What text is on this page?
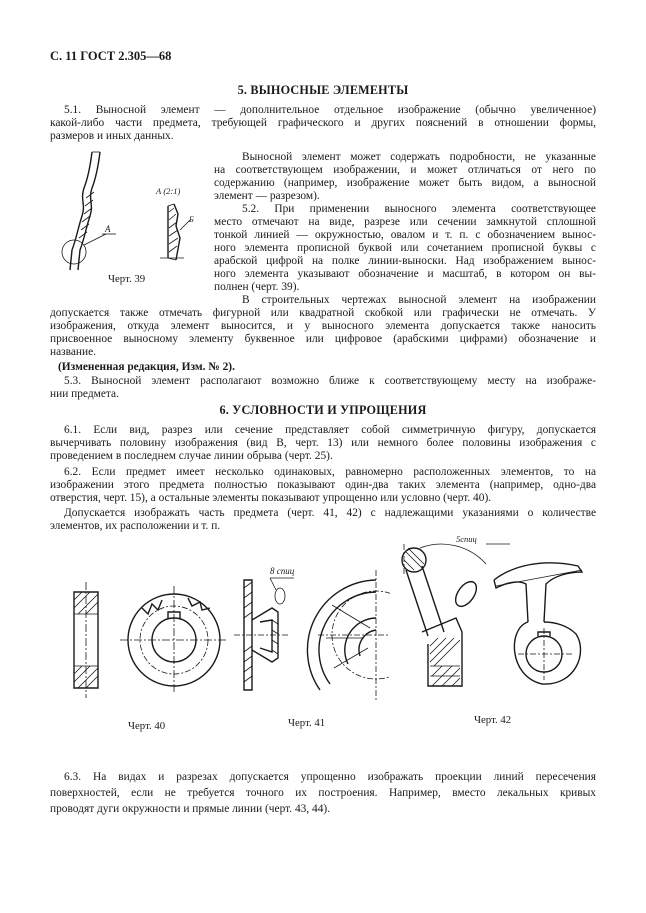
С. 11 ГОСТ 2.305—68

5. ВЫНОСНЫЕ ЭЛЕМЕНТЫ

5.1. Выносной элемент — дополнительное отдельное изображение (обычно увеличенное)

какой-либо части предмета, требующей графического и других пояснений в отношении формы,

размеров и иных данных.

Выносной элемент может содержать подробности, не указанные

на соответствующем изображении, и может отличаться от него по

содержанию (например, изображение может быть видом, а выносной

элемент — разрезом).

5.2. При применении выносного элемента соответствующее

место отмечают на виде, разрезе или сечении замкнутой сплошной

тонкой линией — окружностью, овалом и т. п. с обозначением вынос-

ного элемента прописной буквой или сочетанием прописной буквы с

арабской цифрой на полке линии-выноски. Над изображением вынос-

ного элемента указывают обозначение и масштаб, в котором он вы-

полнен (черт. 39).

В строительных чертежах выносной элемент на изображении

допускается также отмечать фигурной или квадратной скобкой или графически не отмечать. У

изображения, откуда элемент выносится, и у выносного элемента допускается также наносить

присвоенное выносному элементу буквенное или цифровое (арабскими цифрами) обозначение и

название.

(Измененная редакция, Изм. № 2).

5.3. Выносной элемент располагают возможно ближе к соответствующему месту на изображе-

нии предмета.

А
А (2:1)
Б

Черт. 39

6. УСЛОВНОСТИ И УПРОЩЕНИЯ

6.1. Если вид, разрез или сечение представляет собой симметричную фигуру, допускается

вычерчивать половину изображения (вид В, черт. 13) или немного более половины изображения с

проведением в последнем случае линии обрыва (черт. 25).

6.2. Если предмет имеет несколько одинаковых, равномерно расположенных элементов, то на

изображении этого предмета полностью показывают один-два таких элемента (например, одно-два

отверстия, черт. 15), а остальные элементы показывают упрощенно или условно (черт. 40).

Допускается изображать часть предмета (черт. 41, 42) с надлежащими указаниями о количестве

элементов, их расположении и т. п.

Черт. 40

8 спиц

Черт. 41

5спиц

Черт. 42

6.3. На видах и разрезах допускается упрощенно изображать проекции линий пересечения

поверхностей, если не требуется точного их построения. Например, вместо лекальных кривых

проводят дуги окружности и прямые линии (черт. 43, 44).
